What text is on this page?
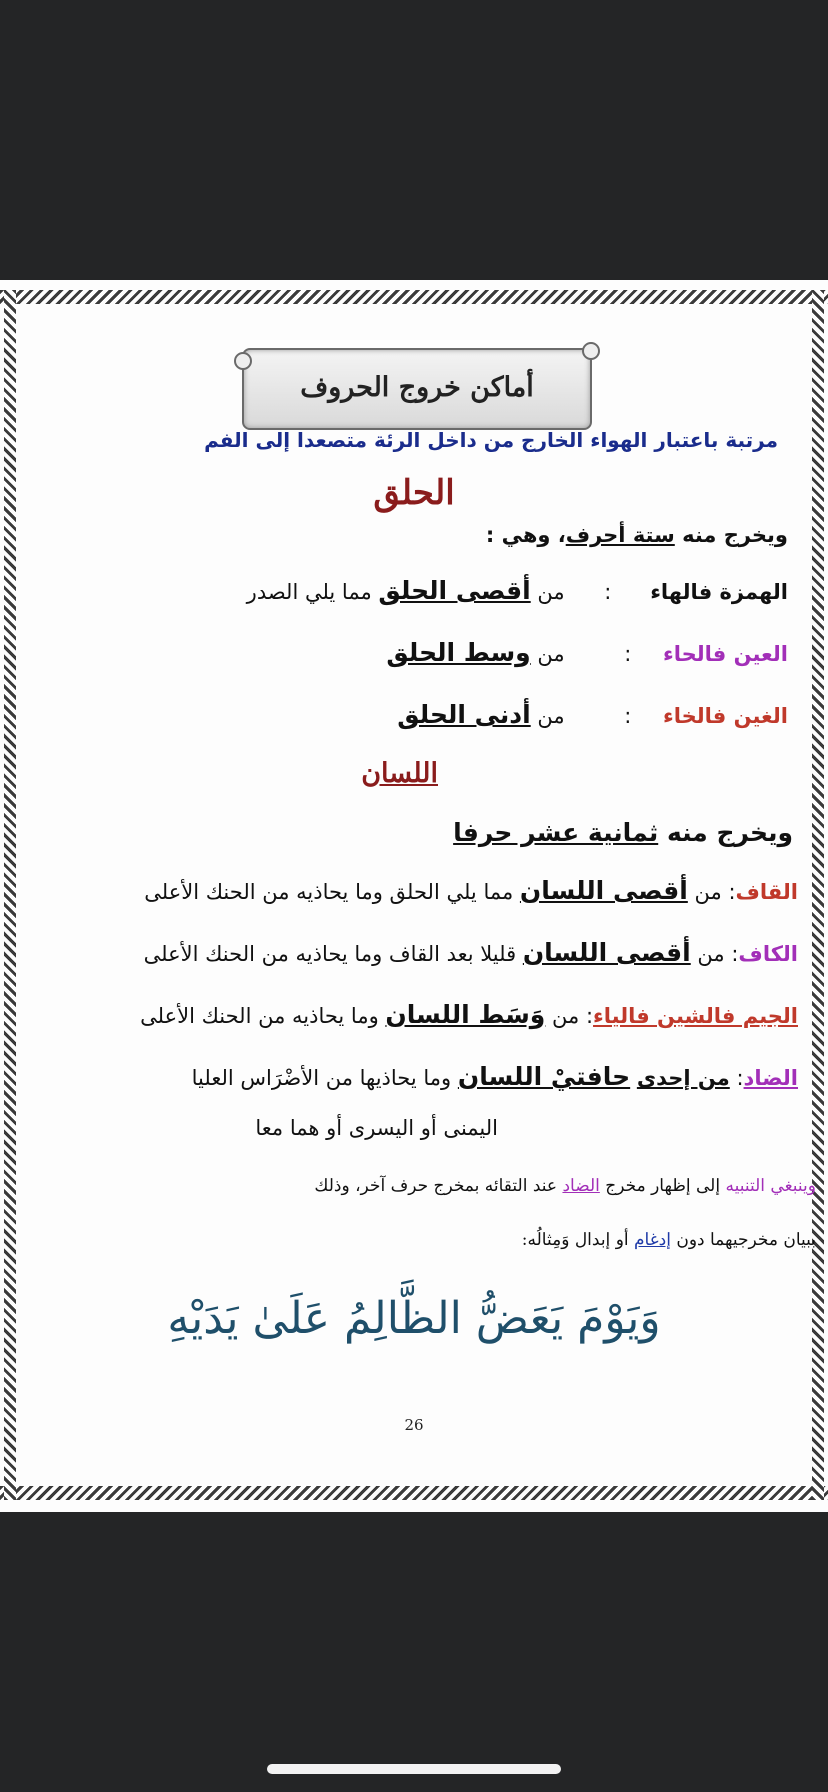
أماكن خروج الحروف
مرتبة باعتبار الهواء الخارج من داخل الرئة متصعدا إلى الفم
الحلق
ويخرج منه ستة أحرف، وهي :
الهمزة فالهاء : من أقصى الحلق مما يلي الصدر
العين فالحاء : من وسط الحلق
الغين فالخاء : من أدنى الحلق
اللسان
ويخرج منه ثمانية عشر حرفا
القاف: من أقصى اللسان مما يلي الحلق وما يحاذيه من الحنك الأعلى
الكاف: من أقصى اللسان قليلا بعد القاف وما يحاذيه من الحنك الأعلى
الجيم فالشين فالياء: من وَسَط اللسان وما يحاذيه من الحنك الأعلى
الضاد: من إحدى حافتيْ اللسان وما يحاذيها من الأضْرَاس العليا
اليمنى أو اليسرى أو هما معا
وينبغي التنبيه إلى إظهار مخرج الضاد عند التقائه بمخرج حرف آخر، وذلك
ببيان مخرجيهما دون إدغام أو إبدال وَمِثالُه:
وَيَوْمَ يَعَضُّ الظَّالِمُ عَلَىٰ يَدَيْهِ
26
